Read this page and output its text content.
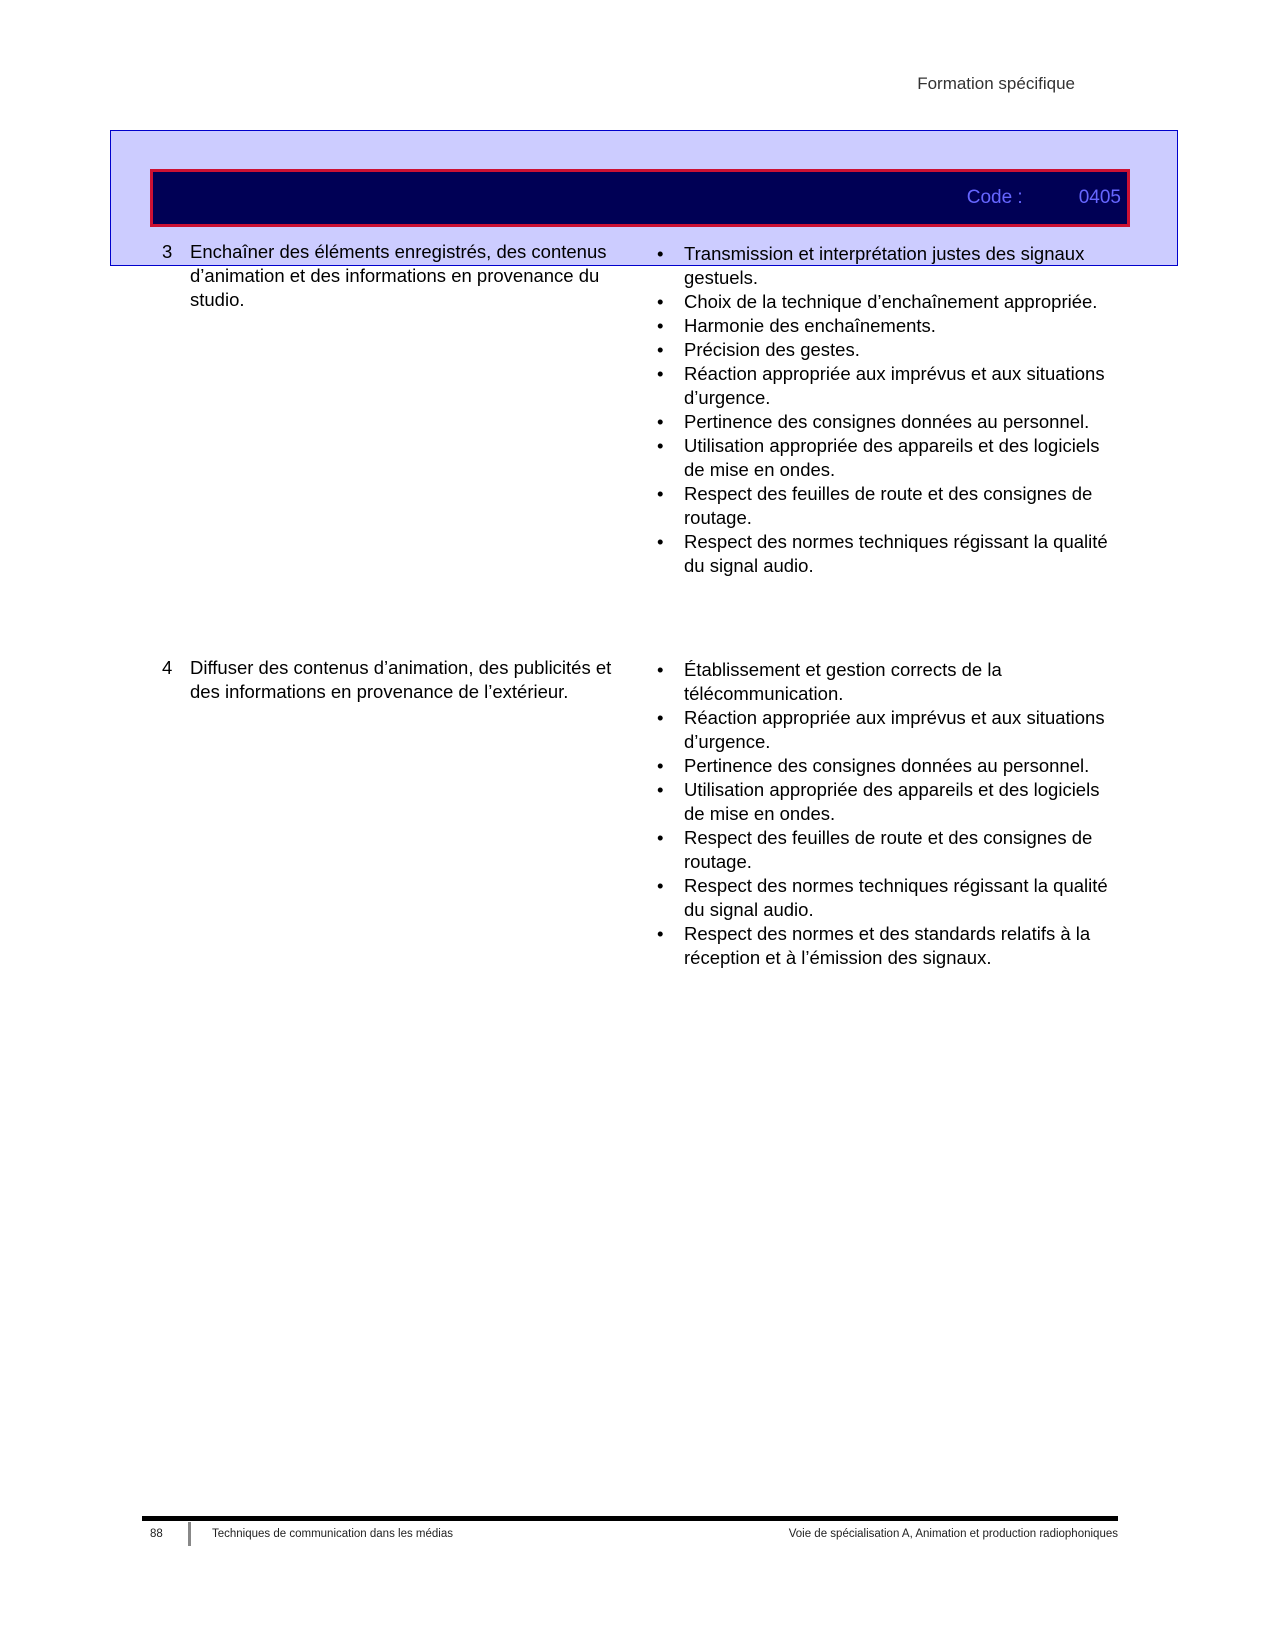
Formation spécifique
Code :	0405
3 Enchaîner des éléments enregistrés, des contenus d’animation et des informations en provenance du studio.
• Transmission et interprétation justes des signaux gestuels.
• Choix de la technique d’enchaînement appropriée.
• Harmonie des enchaînements.
• Précision des gestes.
• Réaction appropriée aux imprévus et aux situations d’urgence.
• Pertinence des consignes données au personnel.
• Utilisation appropriée des appareils et des logiciels de mise en ondes.
• Respect des feuilles de route et des consignes de routage.
• Respect des normes techniques régissant la qualité du signal audio.
4 Diffuser des contenus d’animation, des publicités et des informations en provenance de l’extérieur.
• Établissement et gestion corrects de la télécommunication.
• Réaction appropriée aux imprévus et aux situations d’urgence.
• Pertinence des consignes données au personnel.
• Utilisation appropriée des appareils et des logiciels de mise en ondes.
• Respect des feuilles de route et des consignes de routage.
• Respect des normes techniques régissant la qualité du signal audio.
• Respect des normes et des standards relatifs à la réception et à l’émission des signaux.
88	Techniques de communication dans les médias	Voie de spécialisation A, Animation et production radiophoniques
